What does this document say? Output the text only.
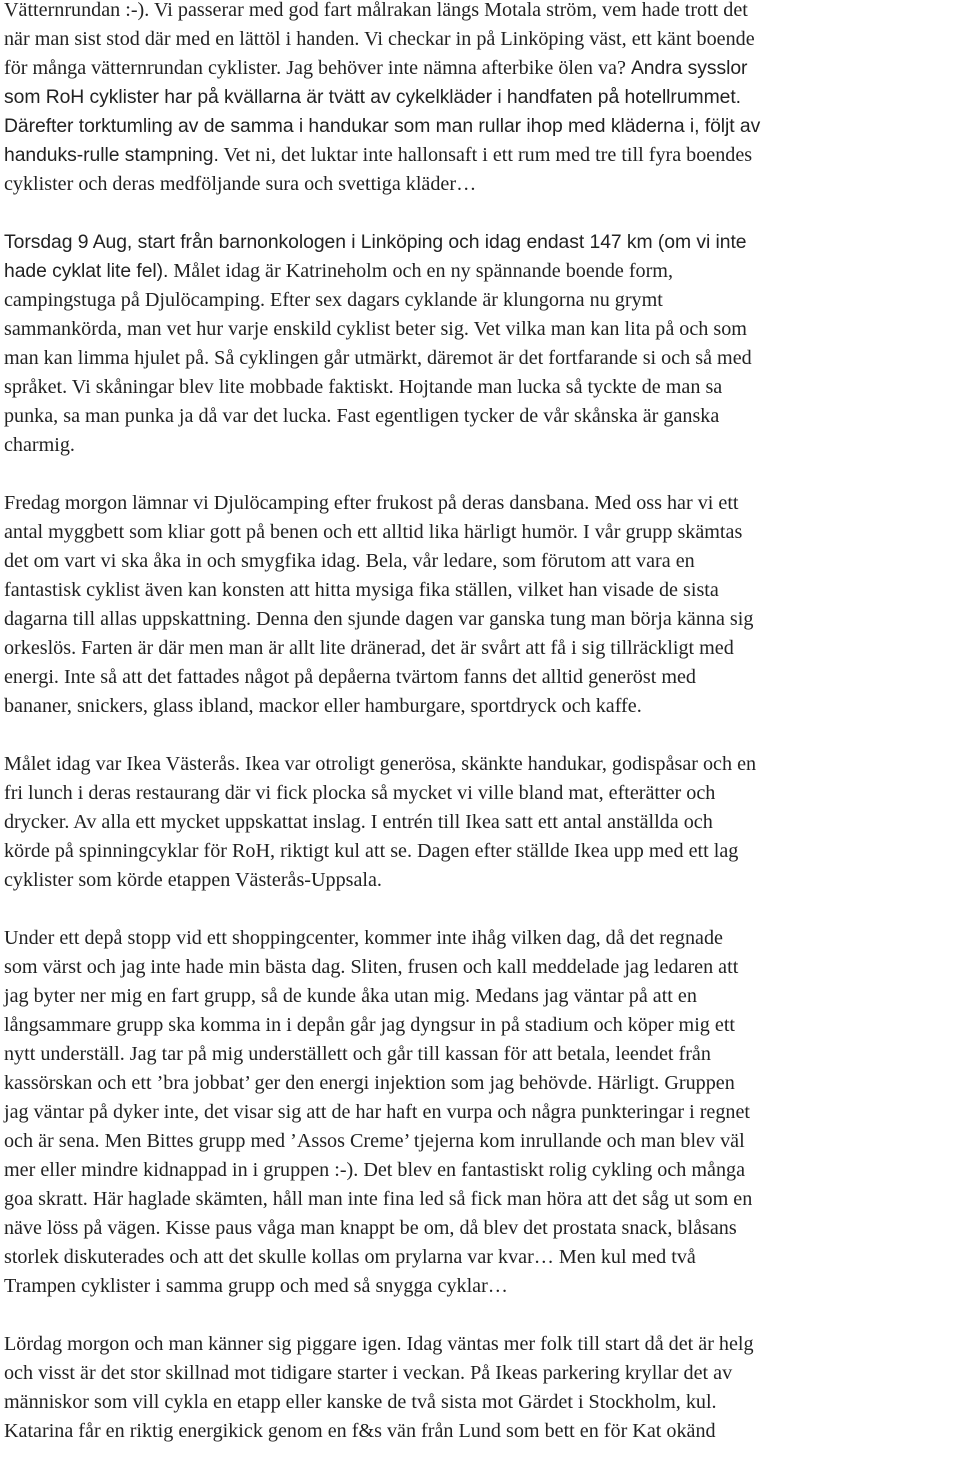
Vätternrundan :-). Vi passerar med god fart målrakan längs Motala ström, vem hade trott det
när man sist stod där med en lättöl i handen. Vi checkar in på Linköping väst, ett känt boende
för många vätternrundan cyklister. Jag behöver inte nämna afterbike ölen va? Andra sysslor
som RoH cyklister har på kvällarna är tvätt av cykelkläder i handfaten på hotellrummet.
Därefter torktumling av de samma i handukar som man rullar ihop med kläderna i, följt av
handuks-rulle stampning. Vet ni, det luktar inte hallonsaft i ett rum med tre till fyra boendes
cyklister och deras medföljande sura och svettiga kläder…
Torsdag 9 Aug, start från barnonkologen i Linköping och idag endast 147 km (om vi inte
hade cyklat lite fel). Målet idag är Katrineholm och en ny spännande boende form,
campingstuga på Djulöcamping. Efter sex dagars cyklande är klungorna nu grymt
sammankörda, man vet hur varje enskild cyklist beter sig. Vet vilka man kan lita på och som
man kan limma hjulet på. Så cyklingen går utmärkt, däremot är det fortfarande si och så med
språket. Vi skåningar blev lite mobbade faktiskt. Hojtande man lucka så tyckte de man sa
punka, sa man punka ja då var det lucka. Fast egentligen tycker de vår skånska är ganska
charmig.
Fredag morgon lämnar vi Djulöcamping efter frukost på deras dansbana. Med oss har vi ett
antal myggbett som kliar gott på benen och ett alltid lika härligt humör. I vår grupp skämtas
det om vart vi ska åka in och smygfika idag. Bela, vår ledare, som förutom att vara en
fantastisk cyklist även kan konsten att hitta mysiga fika ställen, vilket han visade de sista
dagarna till allas uppskattning. Denna den sjunde dagen var ganska tung man börja känna sig
orkeslös. Farten är där men man är allt lite dränerad, det är svårt att få i sig tillräckligt med
energi. Inte så att det fattades något på depåerna tvärtom fanns det alltid generöst med
bananer, snickers, glass ibland, mackor eller hamburgare, sportdryck och kaffe.
Målet idag var Ikea Västerås. Ikea var otroligt generösa, skänkte handukar, godispåsar och en
fri lunch i deras restaurang där vi fick plocka så mycket vi ville bland mat, efterätter och
drycker. Av alla ett mycket uppskattat inslag. I entrén till Ikea satt ett antal anställda och
körde på spinningcyklar för RoH, riktigt kul att se. Dagen efter ställde Ikea upp med ett lag
cyklister som körde etappen Västerås-Uppsala.
Under ett depå stopp vid ett shoppingcenter, kommer inte ihåg vilken dag, då det regnade
som värst och jag inte hade min bästa dag. Sliten, frusen och kall meddelade jag ledaren att
jag byter ner mig en fart grupp, så de kunde åka utan mig. Medans jag väntar på att en
långsammare grupp ska komma in i depån går jag dyngsur in på stadium och köper mig ett
nytt underställ. Jag tar på mig underställett och går till kassan för att betala, leendet från
kassörskan och ett ’bra jobbat’ ger den energi injektion som jag behövde. Härligt. Gruppen
jag väntar på dyker inte, det visar sig att de har haft en vurpa och några punkteringar i regnet
och är sena. Men Bittes grupp med ’Assos Creme’ tjejerna kom inrullande och man blev väl
mer eller mindre kidnappad in i gruppen :-). Det blev en fantastiskt rolig cykling och många
goa skratt. Här haglade skämten, håll man inte fina led så fick man höra att det såg ut som en
näve löss på vägen. Kisse paus våga man knappt be om, då blev det prostata snack, blåsans
storlek diskuterades och att det skulle kollas om prylarna var kvar… Men kul med två
Trampen cyklister i samma grupp och med så snygga cyklar…
Lördag morgon och man känner sig piggare igen. Idag väntas mer folk till start då det är helg
och visst är det stor skillnad mot tidigare starter i veckan. På Ikeas parkering kryllar det av
människor som vill cykla en etapp eller kanske de två sista mot Gärdet i Stockholm, kul.
Katarina får en riktig energikick genom en f&s vän från Lund som bett en för Kat okänd
